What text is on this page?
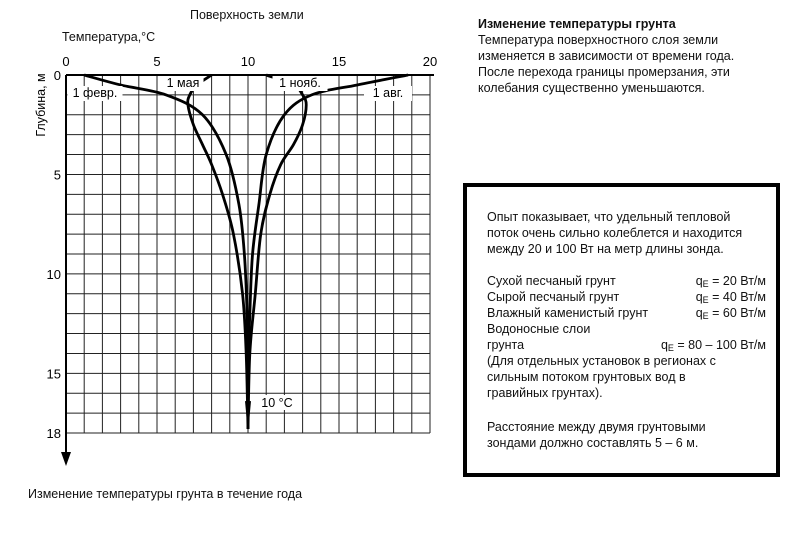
0	5	10	15	20
0
5
10
15
18
Глубина, м 1 февр.
1 мая	1 нояб.
1 авг.
10 °С
Поверхность земли
Температура,°С
Изменение температуры грунта в течение года
Изменение температуры грунта
Температура поверхностного слоя земли изменяется в зависимости от времени года.
После перехода границы промерзания, эти колебания существенно уменьшаются.
Опыт показывает, что удельный тепловой
поток очень сильно колеблется и находится
между 20 и 100 Вт на метр длины зонда.
Сухой песчаный грунт	$q_E = 20$ Вт/м
Сырой песчаный грунт	$q_E = 40$ Вт/м
Влажный каменистый грунт	$q_E = 60$ Вт/м
Водоносные слои
грунта	$q_E = 80 - 100$ Вт/м
(Для отдельных установок в регионах с
сильным потоком грунтовых вод в
гравийных грунтах).
Расстояние между двумя грунтовыми
зондами должно составлять 5 – 6 м.
